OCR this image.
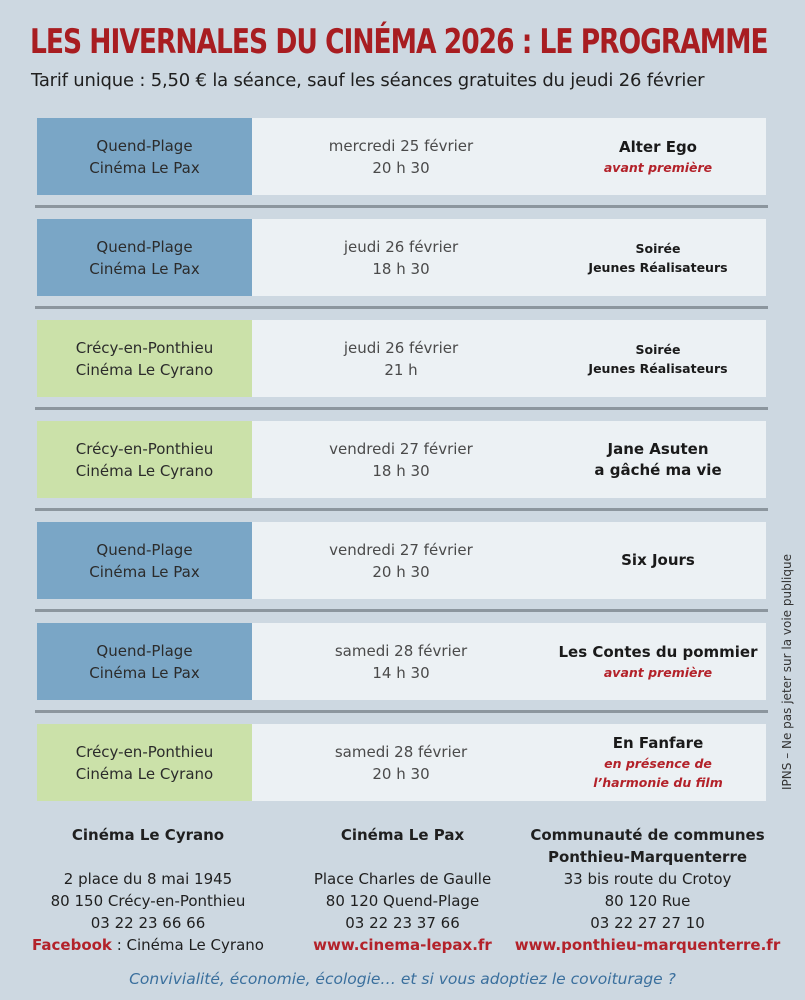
LES HIVERNALES DU CINÉMA 2026 : LE PROGRAMME
Tarif unique : 5,50 € la séance, sauf les séances gratuites du jeudi 26 février
Quend-Plage
Cinéma Le Pax
mercredi 25 février
20 h 30
Alter Ego
avant première
Quend-Plage
Cinéma Le Pax
jeudi 26 février
18 h 30
Soirée
Jeunes Réalisateurs
Crécy-en-Ponthieu
Cinéma Le Cyrano
jeudi 26 février
21 h
Soirée
Jeunes Réalisateurs
Crécy-en-Ponthieu
Cinéma Le Cyrano
vendredi 27 février
18 h 30
Jane Asuten
a gâché ma vie
Quend-Plage
Cinéma Le Pax
vendredi 27 février
20 h 30
Six Jours
Quend-Plage
Cinéma Le Pax
samedi 28 février
14 h 30
Les Contes du pommier
avant première
Crécy-en-Ponthieu
Cinéma Le Cyrano
samedi 28 février
20 h 30
En Fanfare
en présence de
l’harmonie du film	IPNS – Ne pas jeter sur la voie publique
Cinéma Le Cyrano
2 place du 8 mai 1945
80 150 Crécy-en-Ponthieu
03 22 23 66 66
Facebook : Cinéma Le Cyrano
Cinéma Le Pax
Place Charles de Gaulle
80 120 Quend-Plage
03 22 23 37 66
www.cinema-lepax.fr
Communauté de communes
Ponthieu-Marquenterre
33 bis route du Crotoy
80 120 Rue
03 22 27 27 10
www.ponthieu-marquenterre.fr
Convivialité, économie, écologie… et si vous adoptiez le covoiturage ?
